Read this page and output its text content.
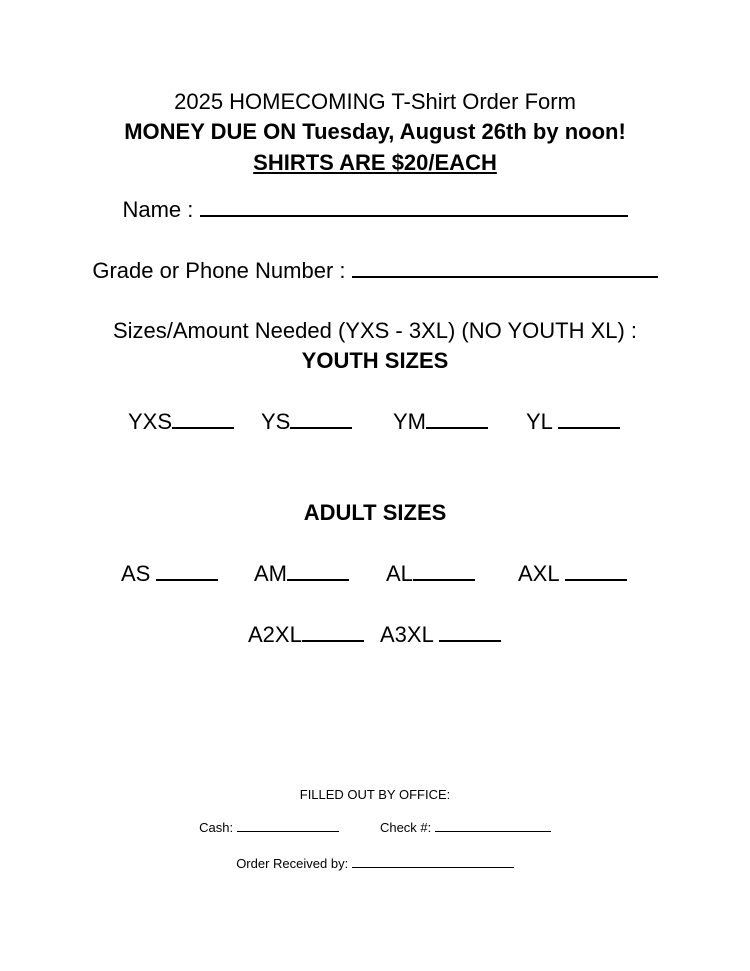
2025 HOMECOMING T-Shirt Order Form
MONEY DUE ON Tuesday, August 26th by noon!
SHIRTS ARE $20/EACH
Name :
Grade or Phone Number :
Sizes/Amount Needed (YXS - 3XL) (NO YOUTH XL) :
YOUTH SIZES
YXS	YS	YM	YL
ADULT SIZES
AS	AM	AL	AXL
A2XL	A3XL
FILLED OUT BY OFFICE:
Cash:	Check #:
Order Received by:
